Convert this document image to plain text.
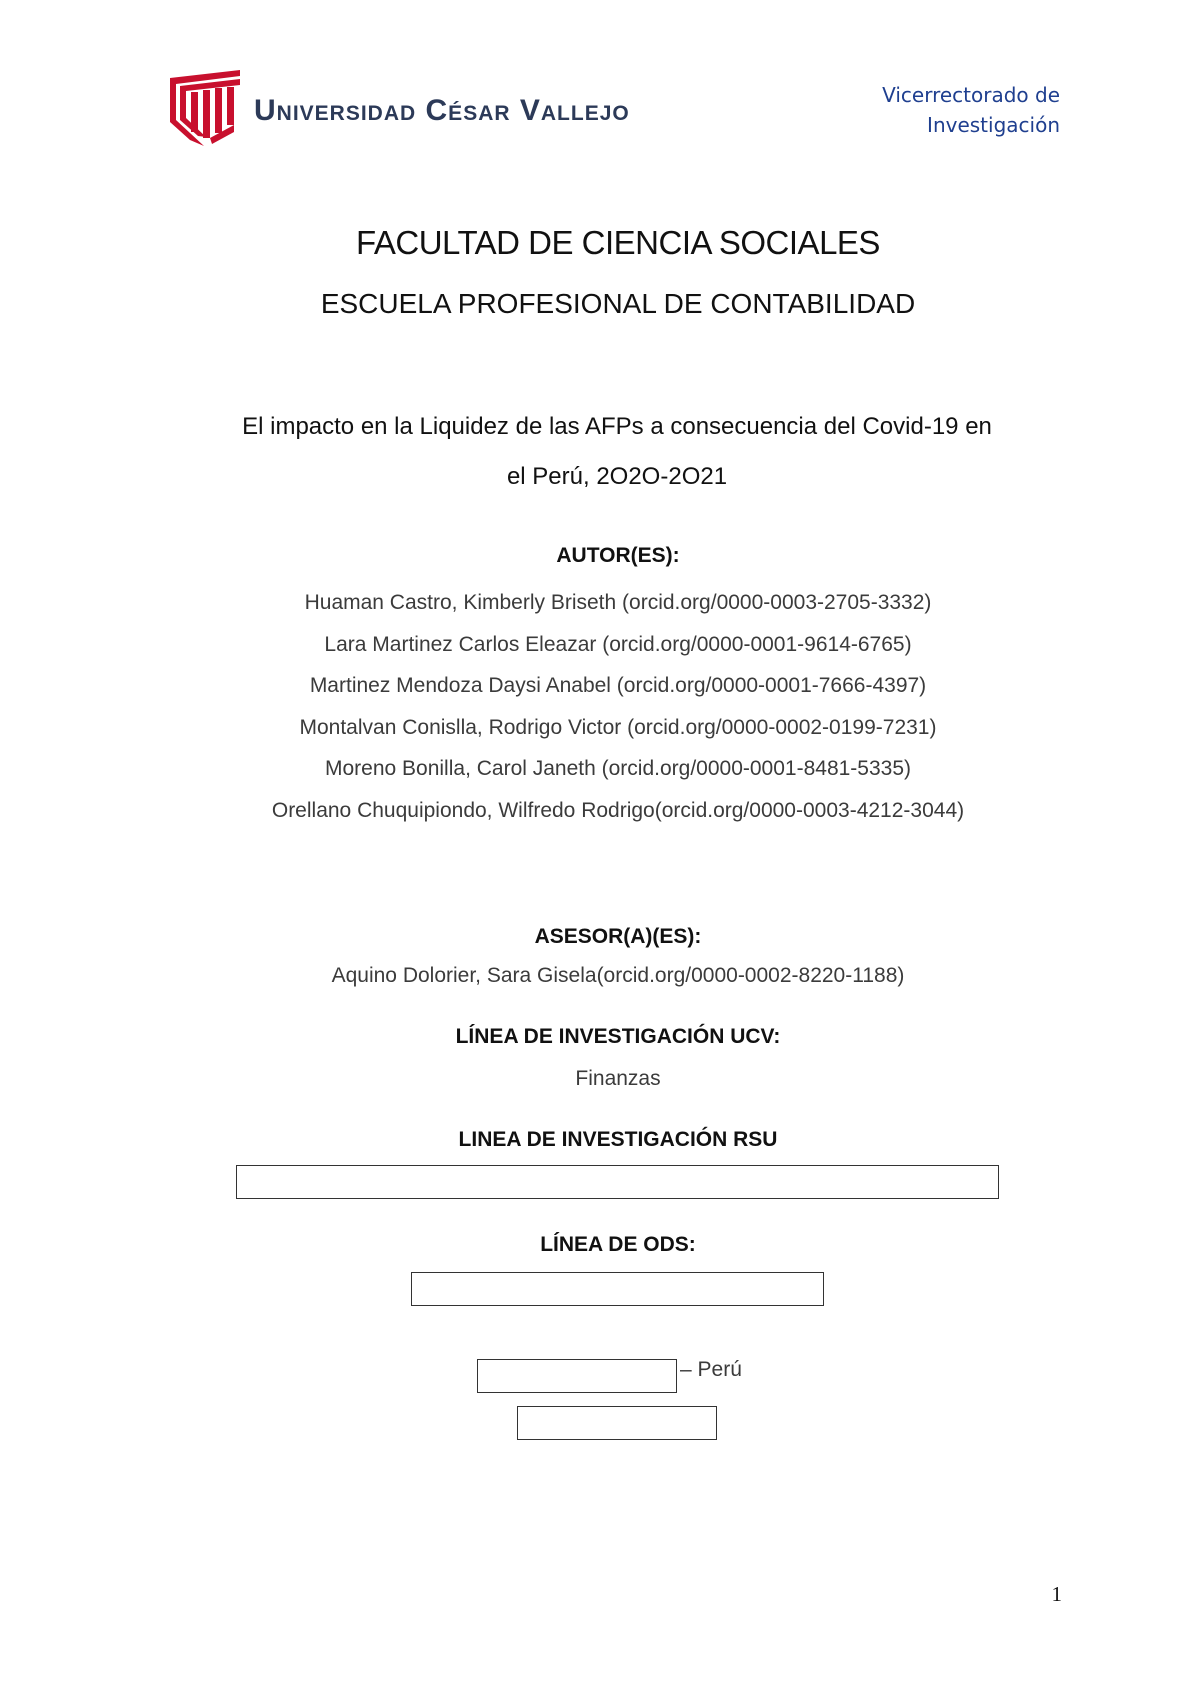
Universidad César Vallejo	Vicerrectorado de
Investigación
FACULTAD DE CIENCIA SOCIALES
ESCUELA PROFESIONAL DE CONTABILIDAD
El impacto en la Liquidez de las AFPs a consecuencia del Covid-19 en
el Perú, 2O2O-2O21
AUTOR(ES):
Huaman Castro, Kimberly Briseth (orcid.org/0000-0003-2705-3332)
Lara Martinez Carlos Eleazar (orcid.org/0000-0001-9614-6765)
Martinez Mendoza Daysi Anabel (orcid.org/0000-0001-7666-4397)
Montalvan Conislla, Rodrigo Victor (orcid.org/0000-0002-0199-7231)
Moreno Bonilla, Carol Janeth (orcid.org/0000-0001-8481-5335)
Orellano Chuquipiondo, Wilfredo Rodrigo(orcid.org/0000-0003-4212-3044)
ASESOR(A)(ES):
Aquino Dolorier, Sara Gisela(orcid.org/0000-0002-8220-1188)
LÍNEA DE INVESTIGACIÓN UCV:
Finanzas
LINEA DE INVESTIGACIÓN RSU
LÍNEA DE ODS:
– Perú
1
